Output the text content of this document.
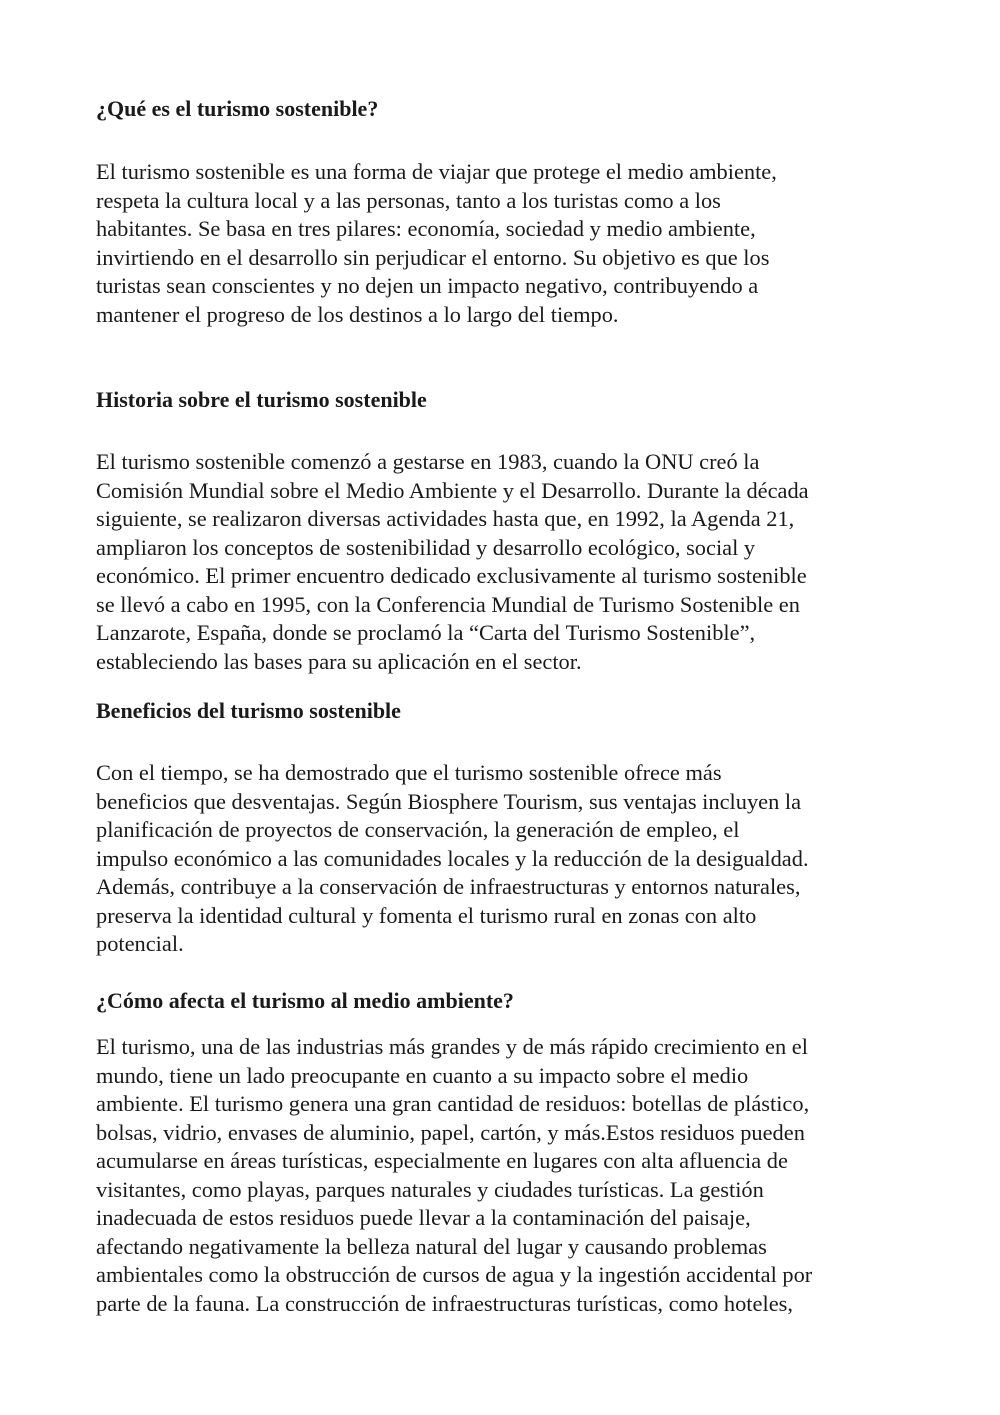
¿Qué es el turismo sostenible?

El turismo sostenible es una forma de viajar que protege el medio ambiente,
respeta la cultura local y a las personas, tanto a los turistas como a los
habitantes. Se basa en tres pilares: economía, sociedad y medio ambiente,
invirtiendo en el desarrollo sin perjudicar el entorno. Su objetivo es que los
turistas sean conscientes y no dejen un impacto negativo, contribuyendo a
mantener el progreso de los destinos a lo largo del tiempo.

Historia sobre el turismo sostenible

El turismo sostenible comenzó a gestarse en 1983, cuando la ONU creó la
Comisión Mundial sobre el Medio Ambiente y el Desarrollo. Durante la década
siguiente, se realizaron diversas actividades hasta que, en 1992, la Agenda 21,
ampliaron los conceptos de sostenibilidad y desarrollo ecológico, social y
económico. El primer encuentro dedicado exclusivamente al turismo sostenible
se llevó a cabo en 1995, con la Conferencia Mundial de Turismo Sostenible en
Lanzarote, España, donde se proclamó la “Carta del Turismo Sostenible”,
estableciendo las bases para su aplicación en el sector.

Beneficios del turismo sostenible

Con el tiempo, se ha demostrado que el turismo sostenible ofrece más
beneficios que desventajas. Según Biosphere Tourism, sus ventajas incluyen la
planificación de proyectos de conservación, la generación de empleo, el
impulso económico a las comunidades locales y la reducción de la desigualdad.
Además, contribuye a la conservación de infraestructuras y entornos naturales,
preserva la identidad cultural y fomenta el turismo rural en zonas con alto
potencial.

¿Cómo afecta el turismo al medio ambiente?

El turismo, una de las industrias más grandes y de más rápido crecimiento en el
mundo, tiene un lado preocupante en cuanto a su impacto sobre el medio
ambiente. El turismo genera una gran cantidad de residuos: botellas de plástico,
bolsas, vidrio, envases de aluminio, papel, cartón, y más.Estos residuos pueden
acumularse en áreas turísticas, especialmente en lugares con alta afluencia de
visitantes, como playas, parques naturales y ciudades turísticas. La gestión
inadecuada de estos residuos puede llevar a la contaminación del paisaje,
afectando negativamente la belleza natural del lugar y causando problemas
ambientales como la obstrucción de cursos de agua y la ingestión accidental por
parte de la fauna. La construcción de infraestructuras turísticas, como hoteles,
